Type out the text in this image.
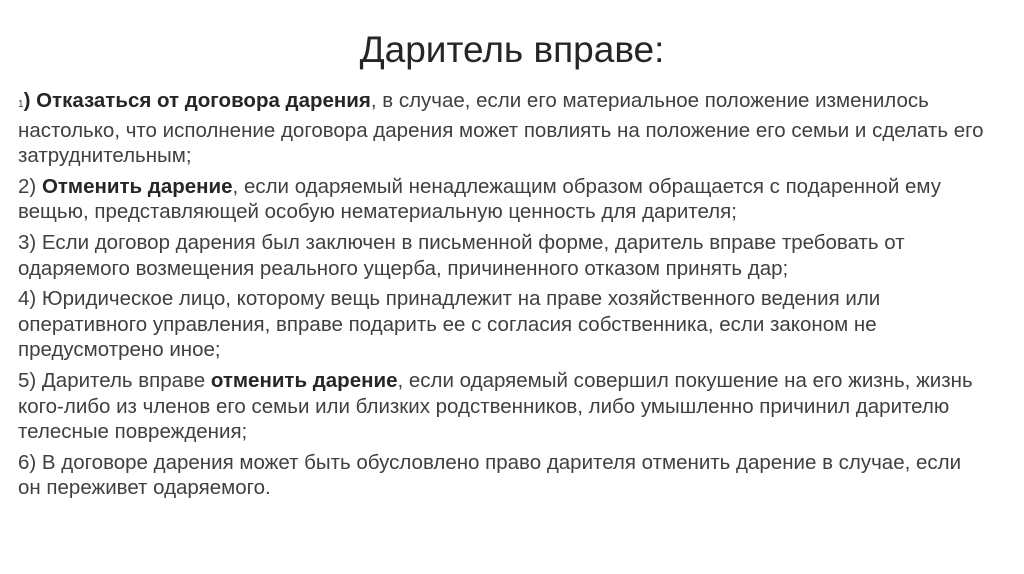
Даритель вправе:
1) Отказаться от договора дарения, в случае, если его материальное положение изменилось настолько, что исполнение договора дарения может повлиять на положение его семьи и сделать его затруднительным;
2) Отменить дарение, если одаряемый ненадлежащим образом обращается с подаренной ему вещью, представляющей особую нематериальную ценность для дарителя;
3) Если договор дарения был заключен в письменной форме, даритель вправе требовать от одаряемого возмещения реального ущерба, причиненного отказом принять дар;
4) Юридическое лицо, которому вещь принадлежит на праве хозяйственного ведения или оперативного управления, вправе подарить ее с согласия собственника, если законом не предусмотрено иное;
5) Даритель вправе отменить дарение, если одаряемый совершил покушение на его жизнь, жизнь кого-либо из членов его семьи или близких родственников, либо умышленно причинил дарителю телесные повреждения;
6) В договоре дарения может быть обусловлено право дарителя отменить дарение в случае, если он переживет одаряемого.
